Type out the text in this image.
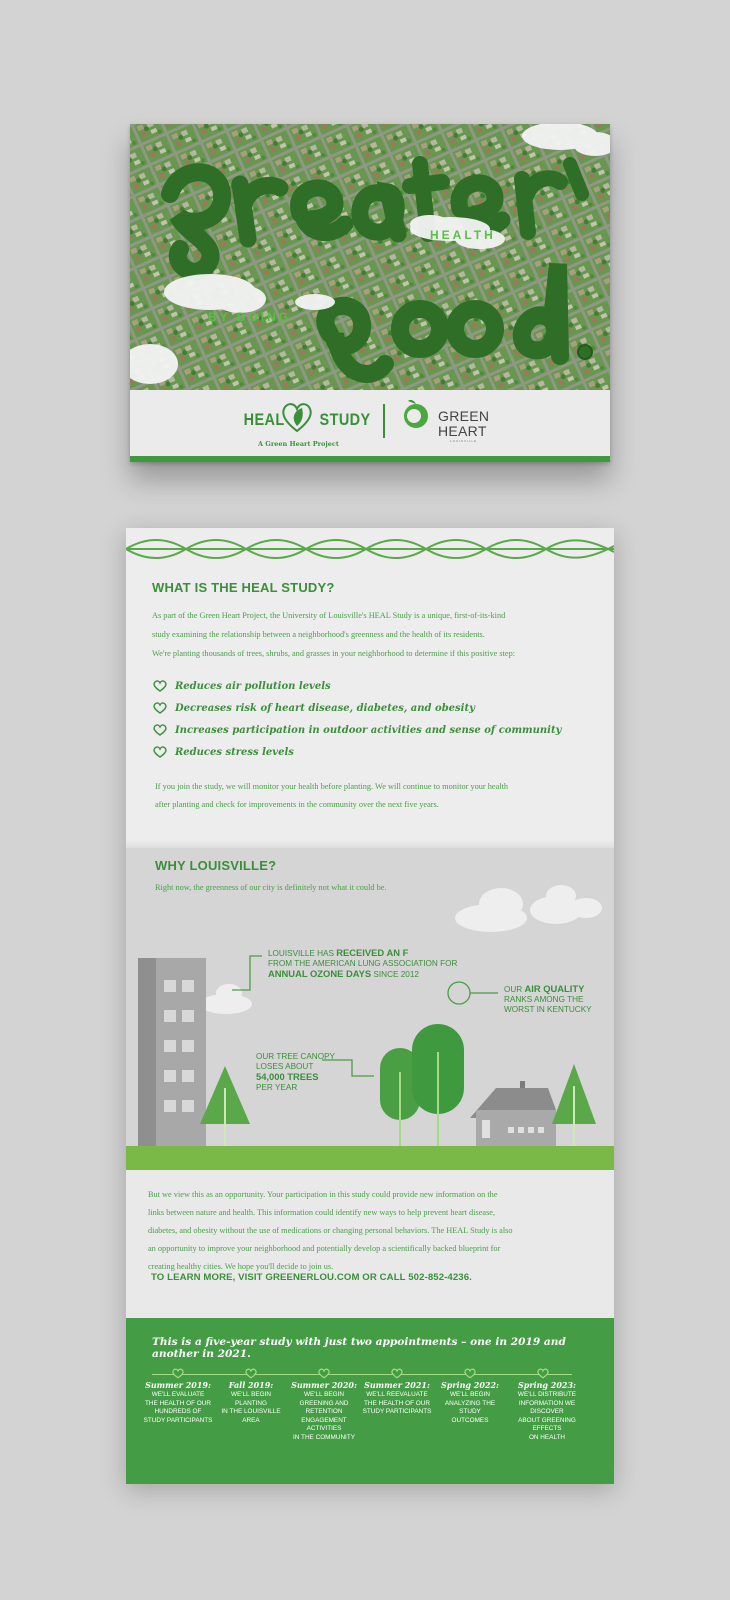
HEALTH
BY DOING
HEAL STUDY
A Green Heart Project
GREEN
HEART
LOUISVILLE
WHAT IS THE HEAL STUDY?
As part of the Green Heart Project, the University of Louisville's HEAL Study is a unique, first-of-its-kind
study examining the relationship between a neighborhood's greenness and the health of its residents.
We're planting thousands of trees, shrubs, and grasses in your neighborhood to determine if this positive step:
Reduces air pollution levels
Decreases risk of heart disease, diabetes, and obesity
Increases participation in outdoor activities and sense of community
Reduces stress levels
If you join the study, we will monitor your health before planting. We will continue to monitor your health
after planting and check for improvements in the community over the next five years.
WHY LOUISVILLE?
Right now, the greenness of our city is definitely not what it could be.
LOUISVILLE HAS RECEIVED AN F
FROM THE AMERICAN LUNG ASSOCIATION FOR
ANNUAL OZONE DAYS SINCE 2012
OUR AIR QUALITY
RANKS AMONG THE
WORST IN KENTUCKY
OUR TREE CANOPY
LOSES ABOUT
54,000 TREES
PER YEAR
But we view this as an opportunity. Your participation in this study could provide new information on the
links between nature and health. This information could identify new ways to help prevent heart disease,
diabetes, and obesity without the use of medications or changing personal behaviors. The HEAL Study is also
an opportunity to improve your neighborhood and potentially develop a scientifically backed blueprint for
creating healthy cities. We hope you'll decide to join us.
TO LEARN MORE, VISIT GREENERLOU.COM OR CALL 502-852-4236.
This is a five-year study with just two appointments – one in 2019 and another in 2021.
Summer 2019:
WE'LL EVALUATE
THE HEALTH OF OUR
HUNDREDS OF
STUDY PARTICIPANTS
Fall 2019:
WE'LL BEGIN PLANTING
IN THE LOUISVILLE AREA
Summer 2020:
WE'LL BEGIN
GREENING AND RETENTION
ENGAGEMENT ACTIVITIES
IN THE COMMUNITY
Summer 2021:
WE'LL REEVALUATE
THE HEALTH OF OUR
STUDY PARTICIPANTS
Spring 2022:
WE'LL BEGIN
ANALYZING THE STUDY
OUTCOMES
Spring 2023:
WE'LL DISTRIBUTE
INFORMATION WE DISCOVER
ABOUT GREENING EFFECTS
ON HEALTH
